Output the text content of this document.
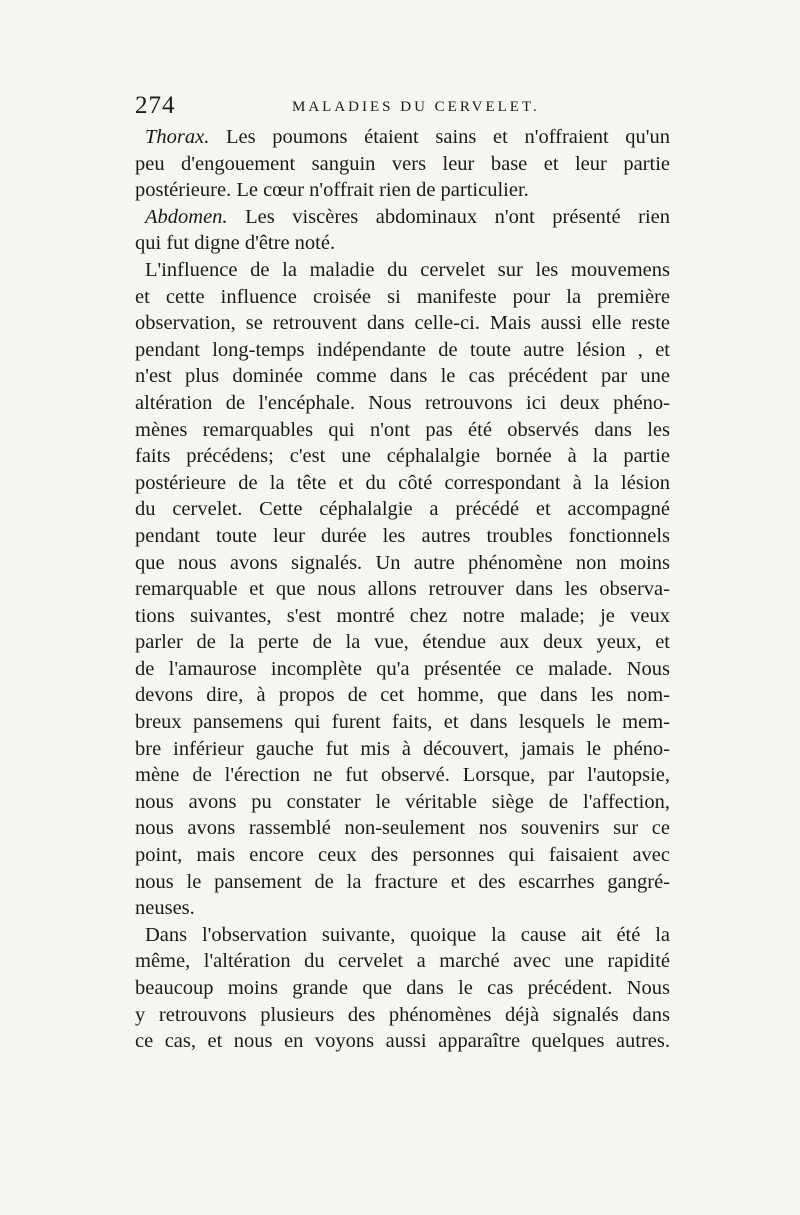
274	MALADIES DU CERVELET.
Thorax. Les poumons étaient sains et n'offraient qu'un
peu d'engouement sanguin vers leur base et leur partie
postérieure. Le cœur n'offrait rien de particulier.
Abdomen. Les viscères abdominaux n'ont présenté rien
qui fut digne d'être noté.
L'influence de la maladie du cervelet sur les mouvemens
et cette influence croisée si manifeste pour la première
observation, se retrouvent dans celle-ci. Mais aussi elle reste
pendant long-temps indépendante de toute autre lésion , et
n'est plus dominée comme dans le cas précédent par une
altération de l'encéphale. Nous retrouvons ici deux phéno-
mènes remarquables qui n'ont pas été observés dans les
faits précédens; c'est une céphalalgie bornée à la partie
postérieure de la tête et du côté correspondant à la lésion
du cervelet. Cette céphalalgie a précédé et accompagné
pendant toute leur durée les autres troubles fonctionnels
que nous avons signalés. Un autre phénomène non moins
remarquable et que nous allons retrouver dans les observa-
tions suivantes, s'est montré chez notre malade; je veux
parler de la perte de la vue, étendue aux deux yeux, et
de l'amaurose incomplète qu'a présentée ce malade. Nous
devons dire, à propos de cet homme, que dans les nom-
breux pansemens qui furent faits, et dans lesquels le mem-
bre inférieur gauche fut mis à découvert, jamais le phéno-
mène de l'érection ne fut observé. Lorsque, par l'autopsie,
nous avons pu constater le véritable siège de l'affection,
nous avons rassemblé non-seulement nos souvenirs sur ce
point, mais encore ceux des personnes qui faisaient avec
nous le pansement de la fracture et des escarrhes gangré-
neuses.
Dans l'observation suivante, quoique la cause ait été la
même, l'altération du cervelet a marché avec une rapidité
beaucoup moins grande que dans le cas précédent. Nous
y retrouvons plusieurs des phénomènes déjà signalés dans
ce cas, et nous en voyons aussi apparaître quelques autres.
